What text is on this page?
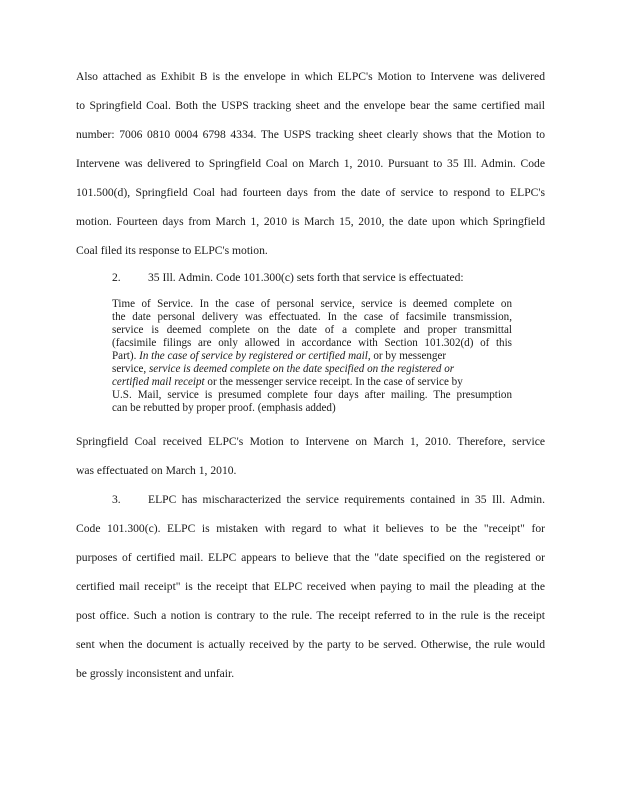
Also attached as Exhibit B is the envelope in which ELPC's Motion to Intervene was delivered
to Springfield Coal. Both the USPS tracking sheet and the envelope bear the same certified mail
number: 7006 0810 0004 6798 4334. The USPS tracking sheet clearly shows that the Motion to
Intervene was delivered to Springfield Coal on March 1, 2010. Pursuant to 35 Ill. Admin. Code
101.500(d), Springfield Coal had fourteen days from the date of service to respond to ELPC's
motion. Fourteen days from March 1, 2010 is March 15, 2010, the date upon which Springfield
Coal filed its response to ELPC's motion.
2. 35 Ill. Admin. Code 101.300(c) sets forth that service is effectuated:
Time of Service. In the case of personal service, service is deemed complete on
the date personal delivery was effectuated. In the case of facsimile transmission,
service is deemed complete on the date of a complete and proper transmittal
(facsimile filings are only allowed in accordance with Section 101.302(d) of this
Part). In the case of service by registered or certified mail, or by messenger
service, service is deemed complete on the date specified on the registered or
certified mail receipt or the messenger service receipt. In the case of service by
U.S. Mail, service is presumed complete four days after mailing. The presumption
can be rebutted by proper proof. (emphasis added)
Springfield Coal received ELPC's Motion to Intervene on March 1, 2010. Therefore, service
was effectuated on March 1, 2010.
3. ELPC has mischaracterized the service requirements contained in 35 Ill. Admin.
Code 101.300(c). ELPC is mistaken with regard to what it believes to be the "receipt" for
purposes of certified mail. ELPC appears to believe that the "date specified on the registered or
certified mail receipt" is the receipt that ELPC received when paying to mail the pleading at the
post office. Such a notion is contrary to the rule. The receipt referred to in the rule is the receipt
sent when the document is actually received by the party to be served. Otherwise, the rule would
be grossly inconsistent and unfair.
